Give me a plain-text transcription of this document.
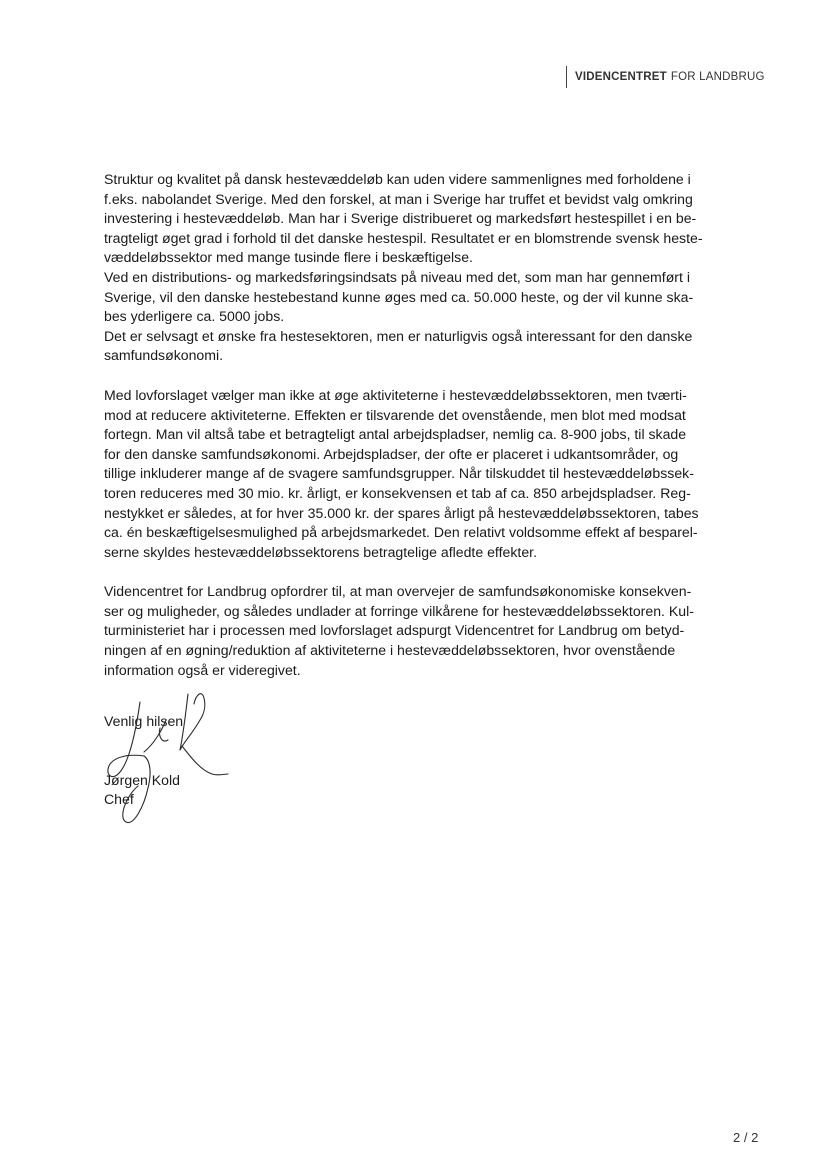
VIDENCENTRET FOR LANDBRUG
Struktur og kvalitet på dansk hestevæddeløb kan uden videre sammenlignes med forholdene i
f.eks. nabolandet Sverige. Med den forskel, at man i Sverige har truffet et bevidst valg omkring
investering i hestevæddeløb. Man har i Sverige distribueret og markedsført hestespillet i en be-
tragteligt øget grad i forhold til det danske hestespil. Resultatet er en blomstrende svensk heste-
væddeløbssektor med mange tusinde flere i beskæftigelse.
Ved en distributions- og markedsføringsindsats på niveau med det, som man har gennemført i
Sverige, vil den danske hestebestand kunne øges med ca. 50.000 heste, og der vil kunne ska-
bes yderligere ca. 5000 jobs.
Det er selvsagt et ønske fra hestesektoren, men er naturligvis også interessant for den danske
samfundsøkonomi.
Med lovforslaget vælger man ikke at øge aktiviteterne i hestevæddeløbssektoren, men tværti-
mod at reducere aktiviteterne. Effekten er tilsvarende det ovenstående, men blot med modsat
fortegn. Man vil altså tabe et betragteligt antal arbejdspladser, nemlig ca. 8-900 jobs, til skade
for den danske samfundsøkonomi. Arbejdspladser, der ofte er placeret i udkantsområder, og
tillige inkluderer mange af de svagere samfundsgrupper. Når tilskuddet til hestevæddeløbssek-
toren reduceres med 30 mio. kr. årligt, er konsekvensen et tab af ca. 850 arbejdspladser. Reg-
nestykket er således, at for hver 35.000 kr. der spares årligt på hestevæddeløbssektoren, tabes
ca. én beskæftigelsesmulighed på arbejdsmarkedet. Den relativt voldsomme effekt af besparel-
serne skyldes hestevæddeløbssektorens betragtelige afledte effekter.
Videncentret for Landbrug opfordrer til, at man overvejer de samfundsøkonomiske konsekven-
ser og muligheder, og således undlader at forringe vilkårene for hestevæddeløbssektoren. Kul-
turministeriet har i processen med lovforslaget adspurgt Videncentret for Landbrug om betyd-
ningen af en øgning/reduktion af aktiviteterne i hestevæddeløbssektoren, hvor ovenstående
information også er videregivet.
Venlig hilsen
Jørgen Kold
Chef
2 / 2
